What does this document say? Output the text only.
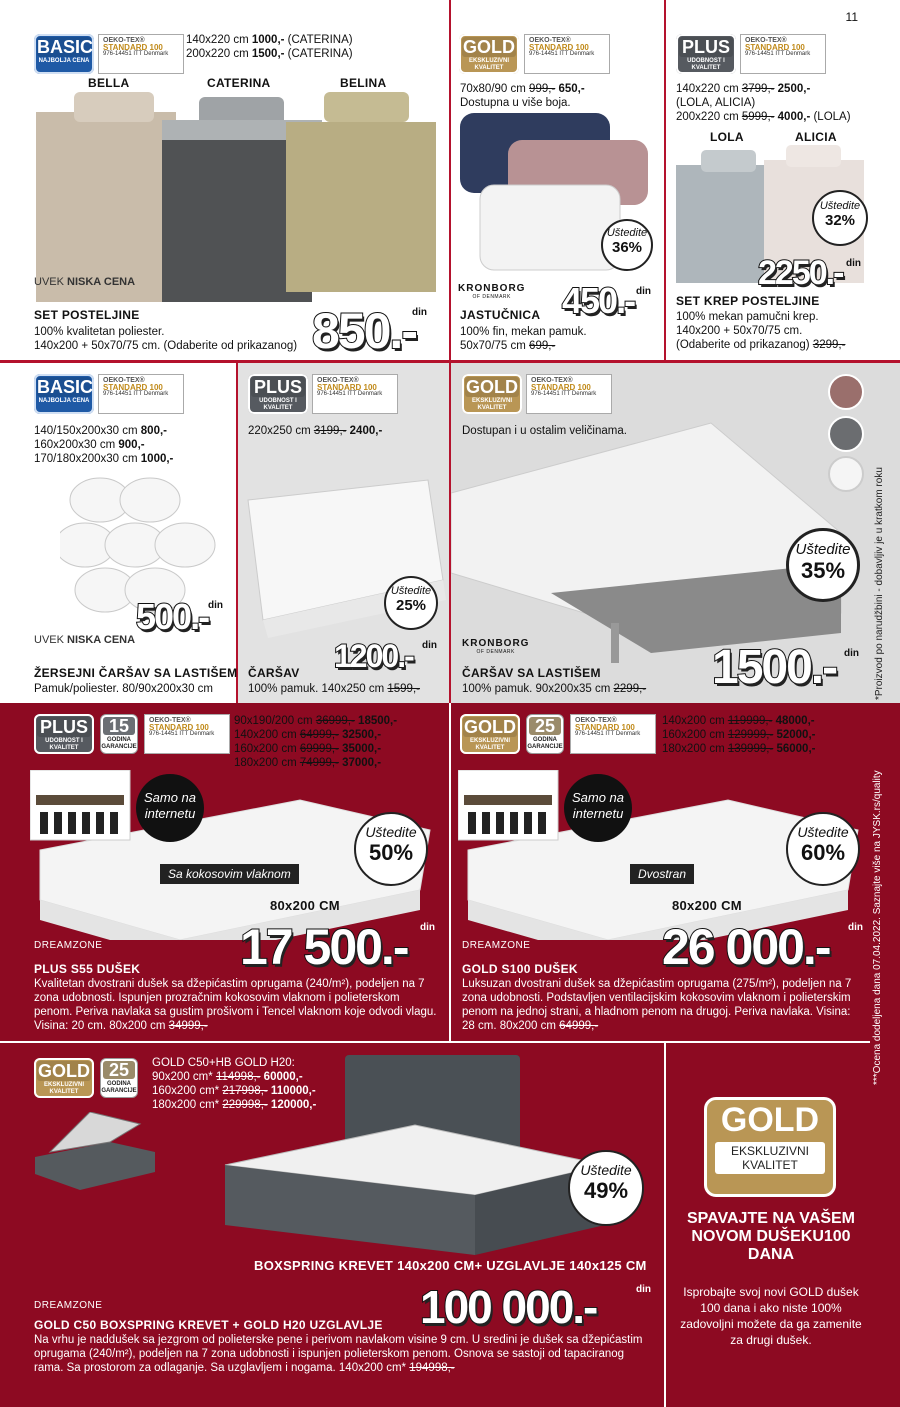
11
BASIC
NAJBOLJA CENA
OEKO-TEX®
STANDARD 100
976-14451 ITT Denmark
140x220 cm 1000,- (CATERINA)
200x220 cm 1500,- (CATERINA)
BELLA	CATERINA	BELINA
UVEK NISKA CENA
SET POSTELJINE
100% kvalitetan poliester.
140x200 + 50x70/75 cm. (Odaberite od prikazanog) 850.-
din
GOLD
EKSKLUZIVNI KVALITET
OEKO-TEX®
STANDARD 100
976-14451 ITT Denmark
70x80/90 cm 999,- 650,-
Dostupna u više boja.
KRONBORG
OF DENMARK
Uštedite
36%
450.- din
JASTUČNICA
100% fin, mekan pamuk.
50x70/75 cm 699,-
PLUS
UDOBNOST I KVALITET
OEKO-TEX®
STANDARD 100
976-14451 ITT Denmark
140x220 cm 3799,- 2500,-
(LOLA, ALICIA)
200x220 cm 5999,- 4000,- (LOLA)
LOLA	ALICIA
Uštedite
32%
2250.- din
SET KREP POSTELJINE
100% mekan pamučni krep.
140x200 + 50x70/75 cm.
(Odaberite od prikazanog) 3299,-
BASIC
NAJBOLJA CENA
OEKO-TEX®
STANDARD 100
976-14451 ITT Denmark
140/150x200x30 cm 800,-
160x200x30 cm 900,-
170/180x200x30 cm 1000,-
500.- din
UVEK NISKA CENA
ŽERSEJNI ČARŠAV SA LASTIŠEM
Pamuk/poliester. 80/90x200x30 cm
PLUS
UDOBNOST I KVALITET
OEKO-TEX®
STANDARD 100
976-14451 ITT Denmark
220x250 cm 3199,- 2400,-
Uštedite
25%
1200.- din
ČARŠAV
100% pamuk. 140x250 cm 1599,-
GOLD
EKSKLUZIVNI KVALITET
OEKO-TEX®
STANDARD 100
976-14451 ITT Denmark
Dostupan i u ostalim veličinama.
*Proizvod po narudžbini - dobavljiv je u kratkom roku
Uštedite
35%
KRONBORG
OF DENMARK	1500.- din
ČARŠAV SA LASTIŠEM
100% pamuk. 90x200x35 cm 2299,-
PLUS
UDOBNOST I KVALITET
15
GODINA GARANCIJE
OEKO-TEX®
STANDARD 100
976-14451 ITT Denmark
90x190/200 cm 36999,- 18500,-
140x200 cm 64999,- 32500,-
160x200 cm 69999,- 35000,-
180x200 cm 74999,- 37000,-
Samo na internetu
Uštedite
50%
Sa kokosovim vlaknom
80x200 CM
DREAMZONE	17 500.- din
PLUS S55 DUŠEK
Kvalitetan dvostrani dušek sa džepićastim oprugama (240/m²), podeljen na 7 zona udobnosti. Ispunjen prozračnim kokosovim vlaknom i polieterskom penom. Periva navlaka sa gustim prošivom i Tencel vlaknom koje odvodi vlagu. Visina: 20 cm. 80x200 cm 34999,-
GOLD
EKSKLUZIVNI KVALITET
25
GODINA GARANCIJE
OEKO-TEX®
STANDARD 100
976-14451 ITT Denmark
140x200 cm 119999,- 48000,-
160x200 cm 129999,- 52000,-
180x200 cm 139999,- 56000,-
Samo na internetu
Uštedite
60%
Dvostran
80x200 CM
DREAMZONE	26 000.- din
GOLD S100 DUŠEK
Luksuzan dvostrani dušek sa džepićastim oprugama (275/m²), podeljen na 7 zona udobnosti. Podstavljen ventilacijskim kokosovim vlaknom i polieterskim penom na jednoj strani, a hladnom penom na drugoj. Periva navlaka. Visina: 28 cm. 80x200 cm 64999,-	***Ocena dodeljena dana 07.04.2022. Saznajte više na JYSK.rs/quality
GOLD
EKSKLUZIVNI KVALITET
25
GODINA GARANCIJE
GOLD C50+HB GOLD H20:
90x200 cm* 114998,- 60000,-
160x200 cm* 217998,- 110000,-
180x200 cm* 229998,- 120000,-
Uštedite
49%
BOXSPRING KREVET 140x200 CM+ UZGLAVLJE 140x125 CM
DREAMZONE	100 000.-	din
GOLD C50 BOXSPRING KREVET + GOLD H20 UZGLAVLJE
Na vrhu je naddušek sa jezgrom od polieterske pene i perivom navlakom visine 9 cm. U sredini je dušek sa džepićastim oprugama (240/m²), podeljen na 7 zona udobnosti i ispunjen polieterskom penom. Osnova se sastoji od tapaciranog rama. Sa prostorom za odlaganje. Sa uzglavljem i nogama. 140x200 cm* 194998,-
GOLD
EKSKLUZIVNI
KVALITET
SPAVAJTE NA VAŠEM NOVOM DUŠEKU100 DANA
Isprobajte svoj novi GOLD dušek 100 dana i ako niste 100% zadovoljni možete da ga zamenite za drugi dušek.
